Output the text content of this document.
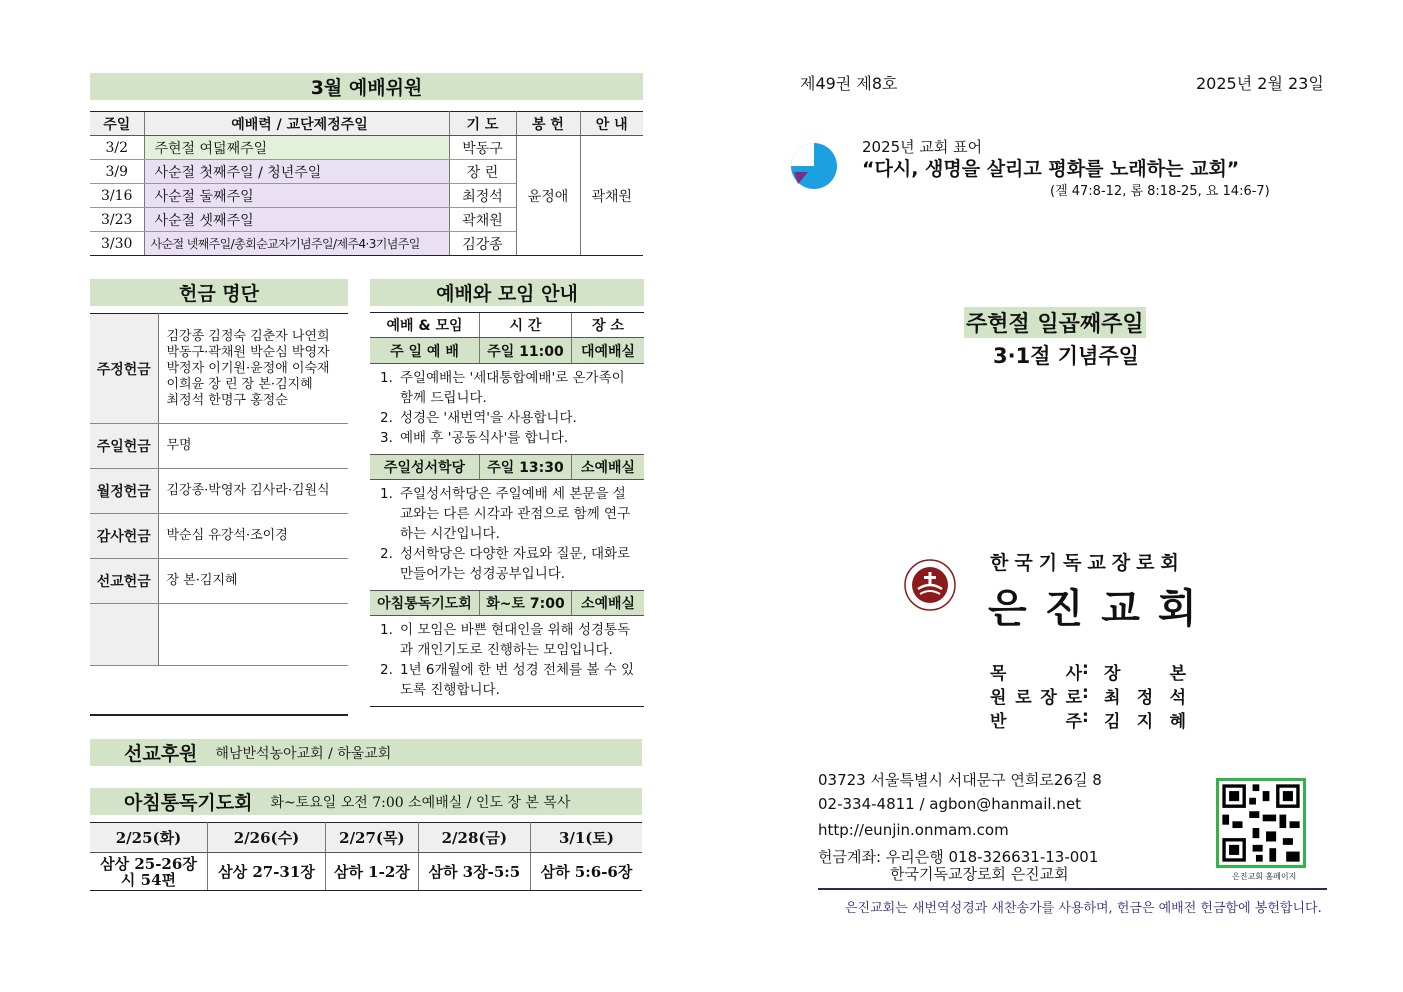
3월 예배위원
주일	예배력 / 교단제정주일	기 도	봉 헌	안 내
3/2	주현절 여덟째주일	박동구	윤정애	곽채원
3/9	사순절 첫째주일 / 청년주일	장 린		
3/16	사순절 둘째주일	최정석		
3/23	사순절 셋째주일	곽채원		
3/30	사순절 넷째주일/총회순교자기념주일/제주4·3기념주일	김강종		
헌금 명단
주정헌금	김강종 김정숙 김춘자 나연희
박동구·곽채원 박순심 박영자
박정자 이기원·윤정애 이숙재
이희윤 장 린 장 본·김지혜
최정석 한명구 홍정순

주일헌금	무명
월정헌금	김강종·박영자 김사라·김원식
감사헌금	박순심 유강석·조이경
선교헌금	장 본·김지혜

예배와 모임 안내
예배 & 모임	시 간	장 소
주 일 예 배	주일 11:00	대예배실
1. 주일예배는 '세대통합예배'로 온가족이 함께 드립니다.
2. 성경은 '새번역'을 사용합니다.
3. 예배 후 '공동식사'를 합니다.
주일성서학당	주일 13:30	소예배실
1. 주일성서학당은 주일예배 세 본문을 설교와는 다른 시각과 관점으로 함께 연구하는 시간입니다.
2. 성서학당은 다양한 자료와 질문, 대화로 만들어가는 성경공부입니다.
아침통독기도회	화~토 7:00	소예배실
1. 이 모임은 바쁜 현대인을 위해 성경통독과 개인기도로 진행하는 모임입니다.
2. 1년 6개월에 한 번 성경 전체를 볼 수 있도록 진행합니다.
선교후원 해남반석농아교회 / 하울교회
아침통독기도회 화~토요일 오전 7:00 소예배실 / 인도 장 본 목사
2/25(화)	2/26(수)	2/27(목)	2/28(금)	3/1(토)
삼상 25-26장
시 54편	삼상 27-31장	삼하 1-2장	삼하 3장-5:5	삼하 5:6-6장
제49권 제8호	2025년 2월 23일
2025년 교회 표어
“다시, 생명을 살리고 평화를 노래하는 교회”
(겔 47:8-12, 롬 8:18-25, 요 14:6-7)
주현절 일곱째주일
3·1절 기념주일
한국기독교장로회
은진교회
목	사 : 장	본
원 로 장 로 : 최 정 석
반	주 : 김 지 혜
03723 서울특별시 서대문구 연희로26길 8
02-334-4811 / agbon@hanmail.net
http://eunjin.onmam.com
헌금계좌: 우리은행 018-326631-13-001
한국기독교장로회 은진교회	은진교회 홈페이지
은진교회는 새번역성경과 새찬송가를 사용하며, 헌금은 예배전 헌금함에 봉헌합니다.
